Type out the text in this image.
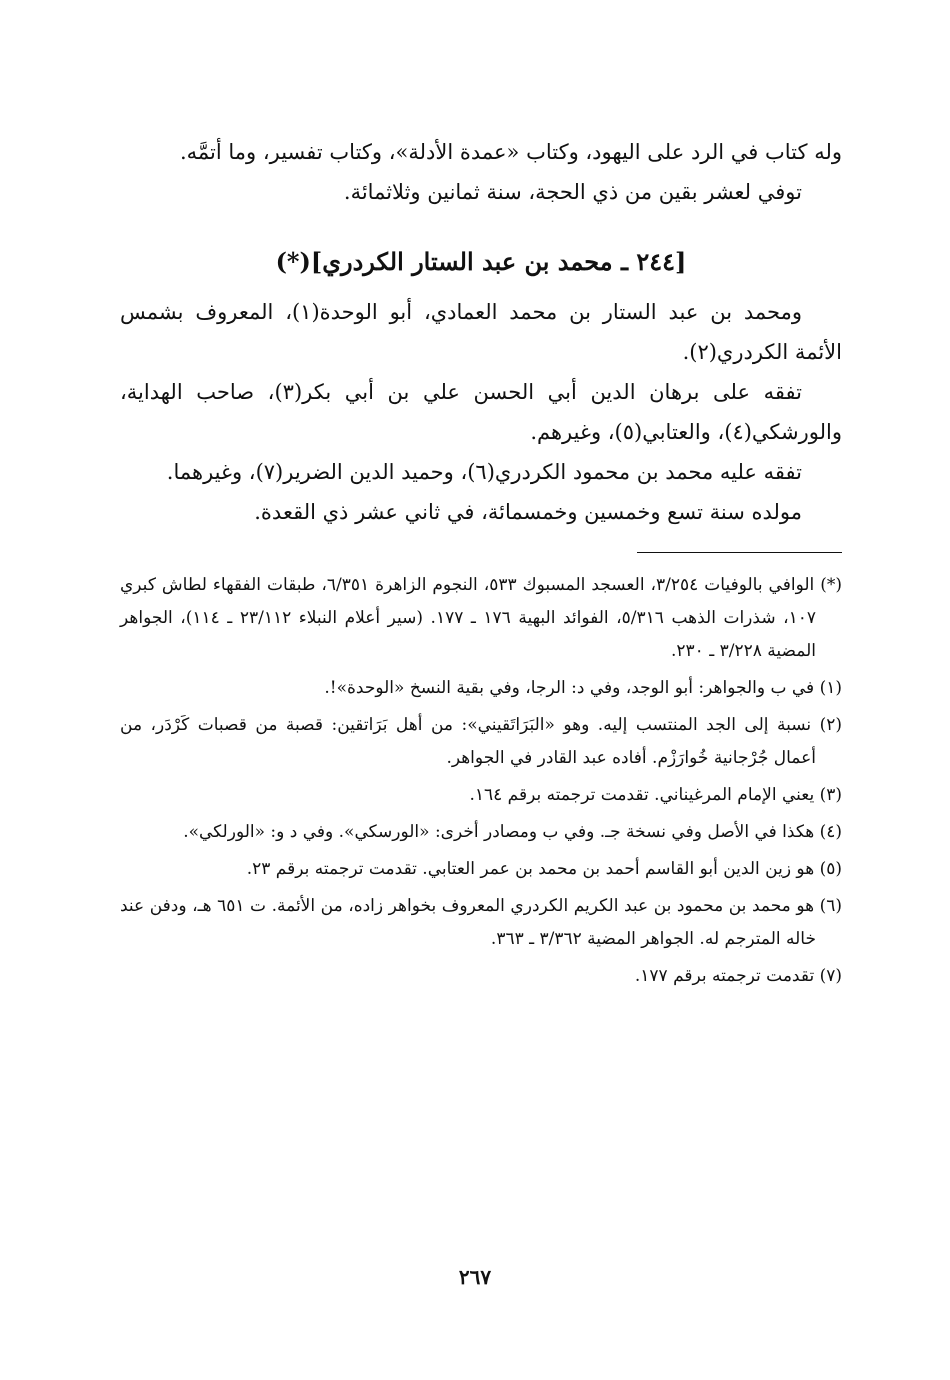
وله كتاب في الرد على اليهود، وكتاب «عمدة الأدلة»، وكتاب تفسير، وما أتمَّه.

توفي لعشر بقين من ذي الحجة، سنة ثمانين وثلاثمائة.

[٢٤٤ ـ محمد بن عبد الستار الكردري](*)

ومحمد بن عبد الستار بن محمد العمادي، أبو الوحدة(١)، المعروف بشمس الأئمة الكردري(٢).

تفقه على برهان الدين أبي الحسن علي بن أبي بكر(٣)، صاحب الهداية، والورشكي(٤)، والعتابي(٥)، وغيرهم.

تفقه عليه محمد بن محمود الكردري(٦)، وحميد الدين الضرير(٧)، وغيرهما.

مولده سنة تسع وخمسين وخمسمائة، في ثاني عشر ذي القعدة.

(*) الوافي بالوفيات ٣/٢٥٤، العسجد المسبوك ٥٣٣، النجوم الزاهرة ٦/٣٥١، طبقات الفقهاء لطاش كبري ١٠٧، شذرات الذهب ٥/٣١٦، الفوائد البهية ١٧٦ ـ ١٧٧. (سير أعلام النبلاء ٢٣/١١٢ ـ ١١٤)، الجواهر المضية ٣/٢٢٨ ـ ٢٣٠.
(١) في ب والجواهر: أبو الوجد، وفي د: الرجا، وفي بقية النسخ «الوحدة»!.
(٢) نسبة إلى الجد المنتسب إليه. وهو «البَرَاتَقيني»: من أهل بَرَاتقين: قصبة من قصبات كَرْدَر، من أعمال جُرْجانية خُوارَزْم. أفاده عبد القادر في الجواهر.
(٣) يعني الإمام المرغيناني. تقدمت ترجمته برقم ١٦٤.
(٤) هكذا في الأصل وفي نسخة جـ. وفي ب ومصادر أخرى: «الورسكي». وفي د و: «الورلكي».
(٥) هو زين الدين أبو القاسم أحمد بن محمد بن عمر العتابي. تقدمت ترجمته برقم ٢٣.
(٦) هو محمد بن محمود بن عبد الكريم الكردري المعروف بخواهر زاده، من الأئمة. ت ٦٥١ هـ، ودفن عند خاله المترجم له. الجواهر المضية ٣/٣٦٢ ـ ٣٦٣.
(٧) تقدمت ترجمته برقم ١٧٧.
٢٦٧
